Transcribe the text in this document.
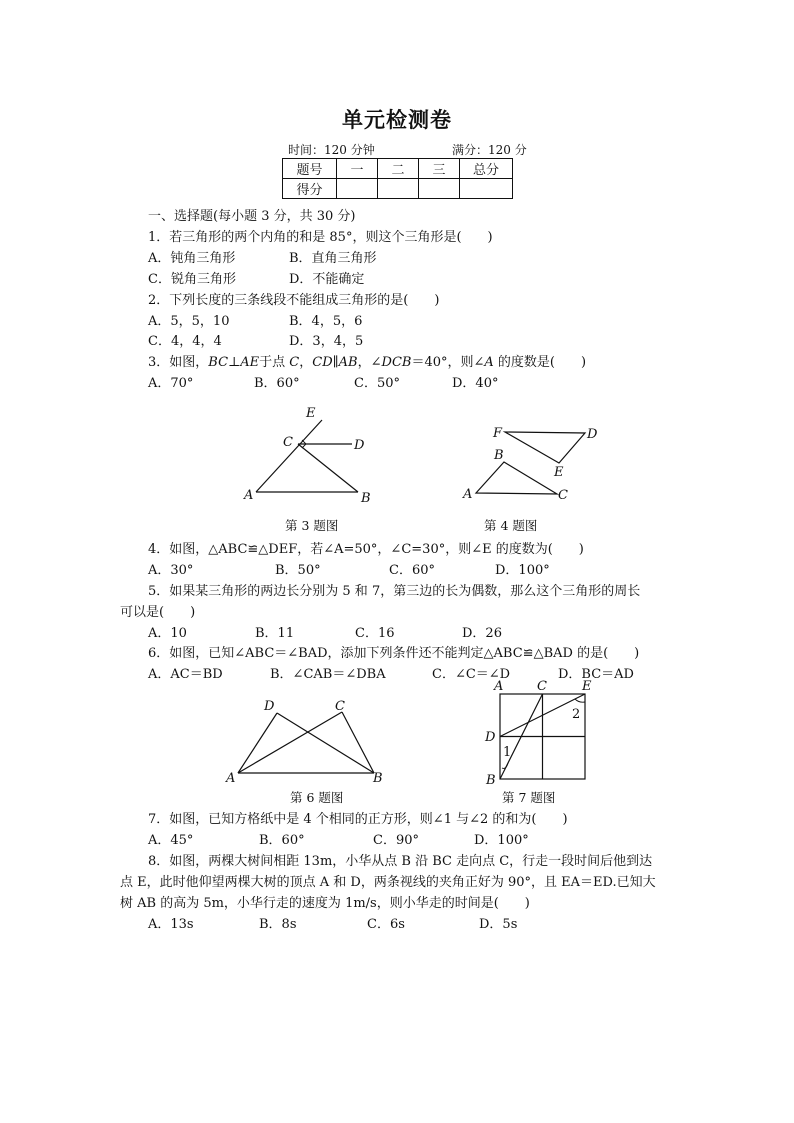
单元检测卷
时间：120 分钟	满分：120 分
题号	一	二	三	总分
得分				
一、选择题(每小题 3 分，共 30 分)
1．若三角形的两个内角的和是 85°，则这个三角形是(　　)
A．钝角三角形	B．直角三角形
C．锐角三角形	D．不能确定
2．下列长度的三条线段不能组成三角形的是(　　)
A．5，5，10	B．4，5，6
C．4，4，4	D．3，4，5
3．如图，BC⊥AE于点 C，CD∥AB，∠DCB＝40°，则∠A 的度数是(　　)
A．70°	B．60°	C．50°	D．40°
E
C	D
A	B
第 3 题图
F	D
B
E
A	C
第 4 题图
4．如图，△ABC≌△DEF，若∠A=50°，∠C=30°，则∠E 的度数为(　　)
A．30°	B．50°	C．60°	D．100°
5．如果某三角形的两边长分别为 5 和 7，第三边的长为偶数，那么这个三角形的周长
可以是(　　)
A．10	B．11	C．16	D．26
6．如图，已知∠ABC＝∠BAD，添加下列条件还不能判定△ABC≌△BAD 的是(　　)
A．AC＝BD	B．∠CAB＝∠DBA	C．∠C＝∠D	D．BC＝AD
D	C
A	B
第 6 题图
A	C	E
D
B
1
2
第 7 题图
7．如图，已知方格纸中是 4 个相同的正方形，则∠1 与∠2 的和为(　　)
A．45°	B．60°	C．90°	D．100°
8．如图，两棵大树间相距 13m，小华从点 B 沿 BC 走向点 C，行走一段时间后他到达
点 E，此时他仰望两棵大树的顶点 A 和 D，两条视线的夹角正好为 90°，且 EA＝ED.已知大
树 AB 的高为 5m，小华行走的速度为 1m/s，则小华走的时间是(　　)
A．13s	B．8s	C．6s	D．5s
